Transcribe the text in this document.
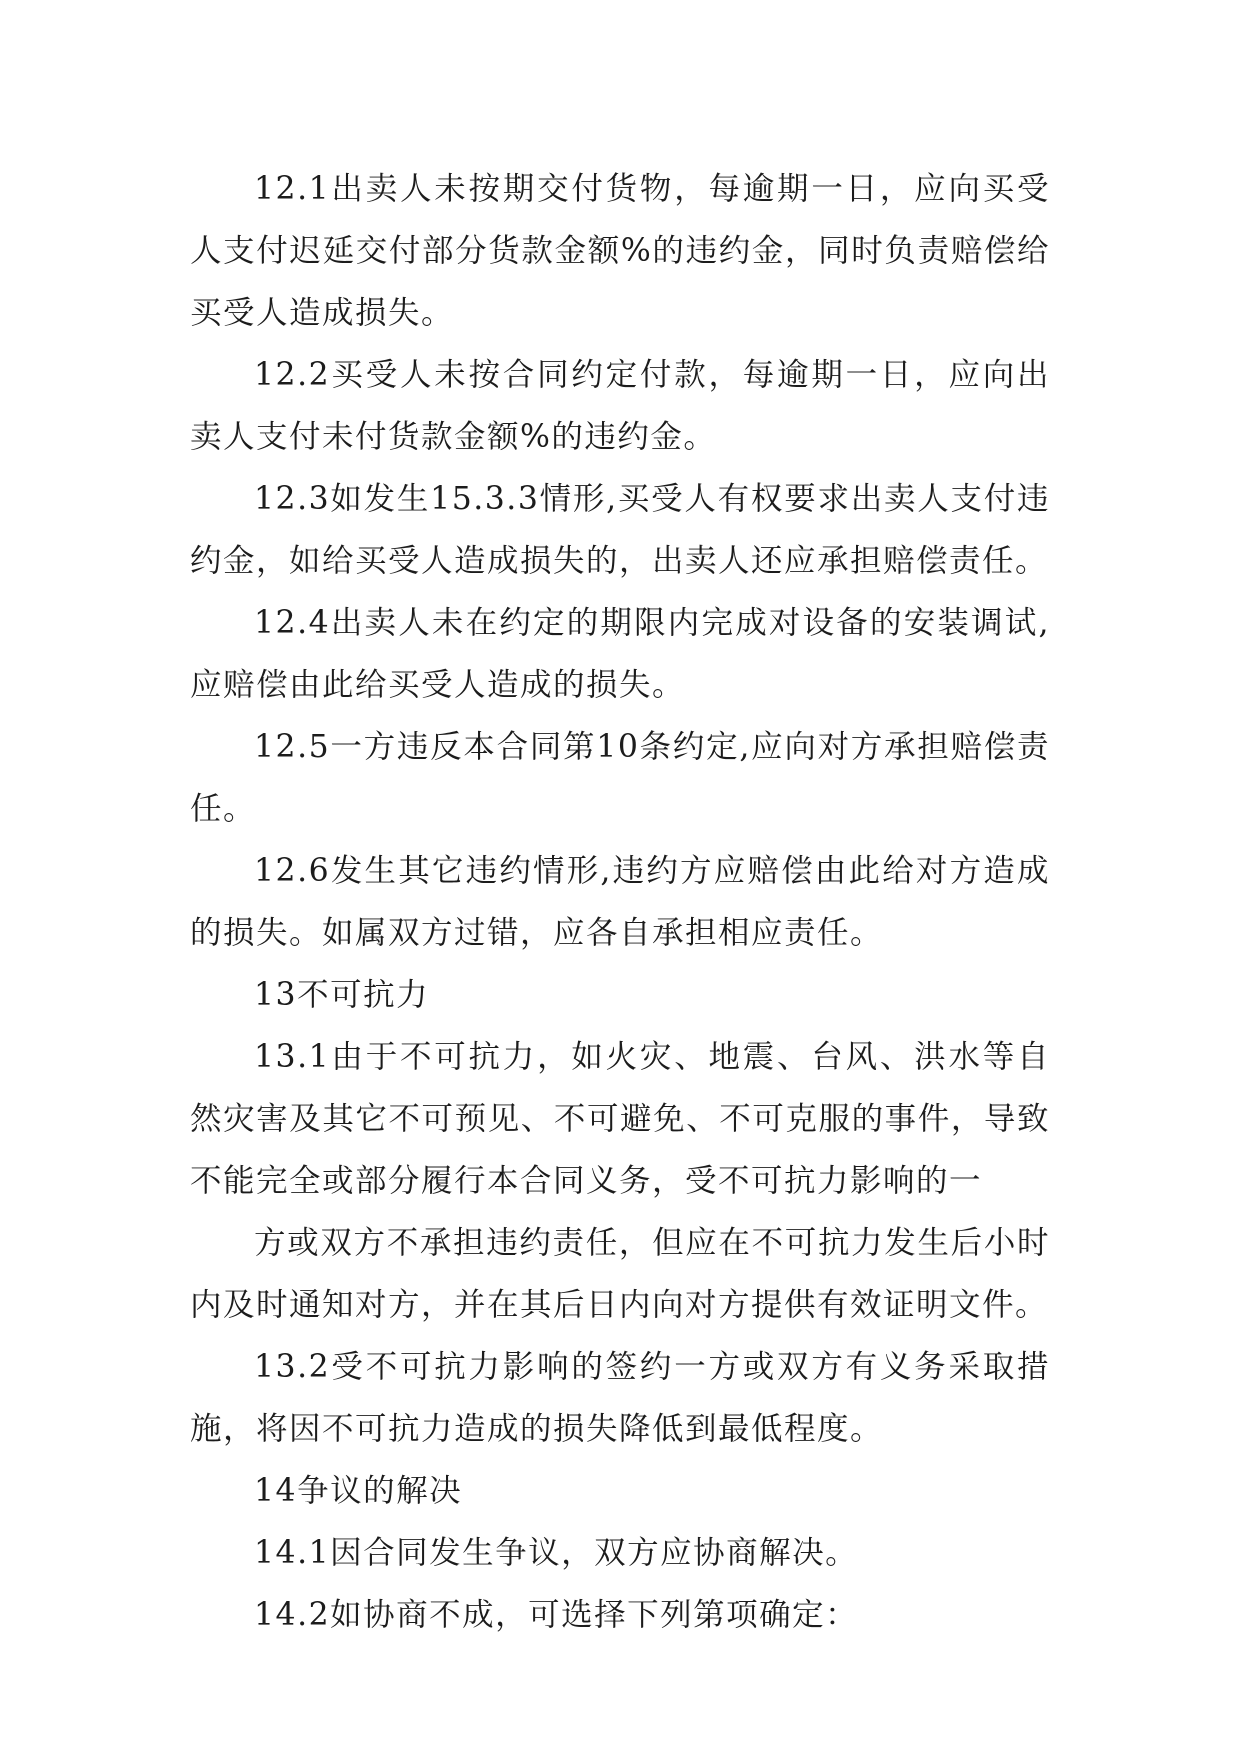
12.1出卖人未按期交付货物，每逾期一日，应向买受人支付迟延交付部分货款金额%的违约金，同时负责赔偿给买受人造成损失。

12.2买受人未按合同约定付款，每逾期一日，应向出卖人支付未付货款金额%的违约金。

12.3如发生15.3.3情形,买受人有权要求出卖人支付违约金，如给买受人造成损失的，出卖人还应承担赔偿责任。

12.4出卖人未在约定的期限内完成对设备的安装调试,应赔偿由此给买受人造成的损失。

12.5一方违反本合同第10条约定,应向对方承担赔偿责任。

12.6发生其它违约情形,违约方应赔偿由此给对方造成的损失。如属双方过错，应各自承担相应责任。

13不可抗力

13.1由于不可抗力，如火灾、地震、台风、洪水等自然灾害及其它不可预见、不可避免、不可克服的事件，导致不能完全或部分履行本合同义务，受不可抗力影响的一

方或双方不承担违约责任，但应在不可抗力发生后小时内及时通知对方，并在其后日内向对方提供有效证明文件。

13.2受不可抗力影响的签约一方或双方有义务采取措施，将因不可抗力造成的损失降低到最低程度。

14争议的解决

14.1因合同发生争议，双方应协商解决。

14.2如协商不成，可选择下列第项确定：
